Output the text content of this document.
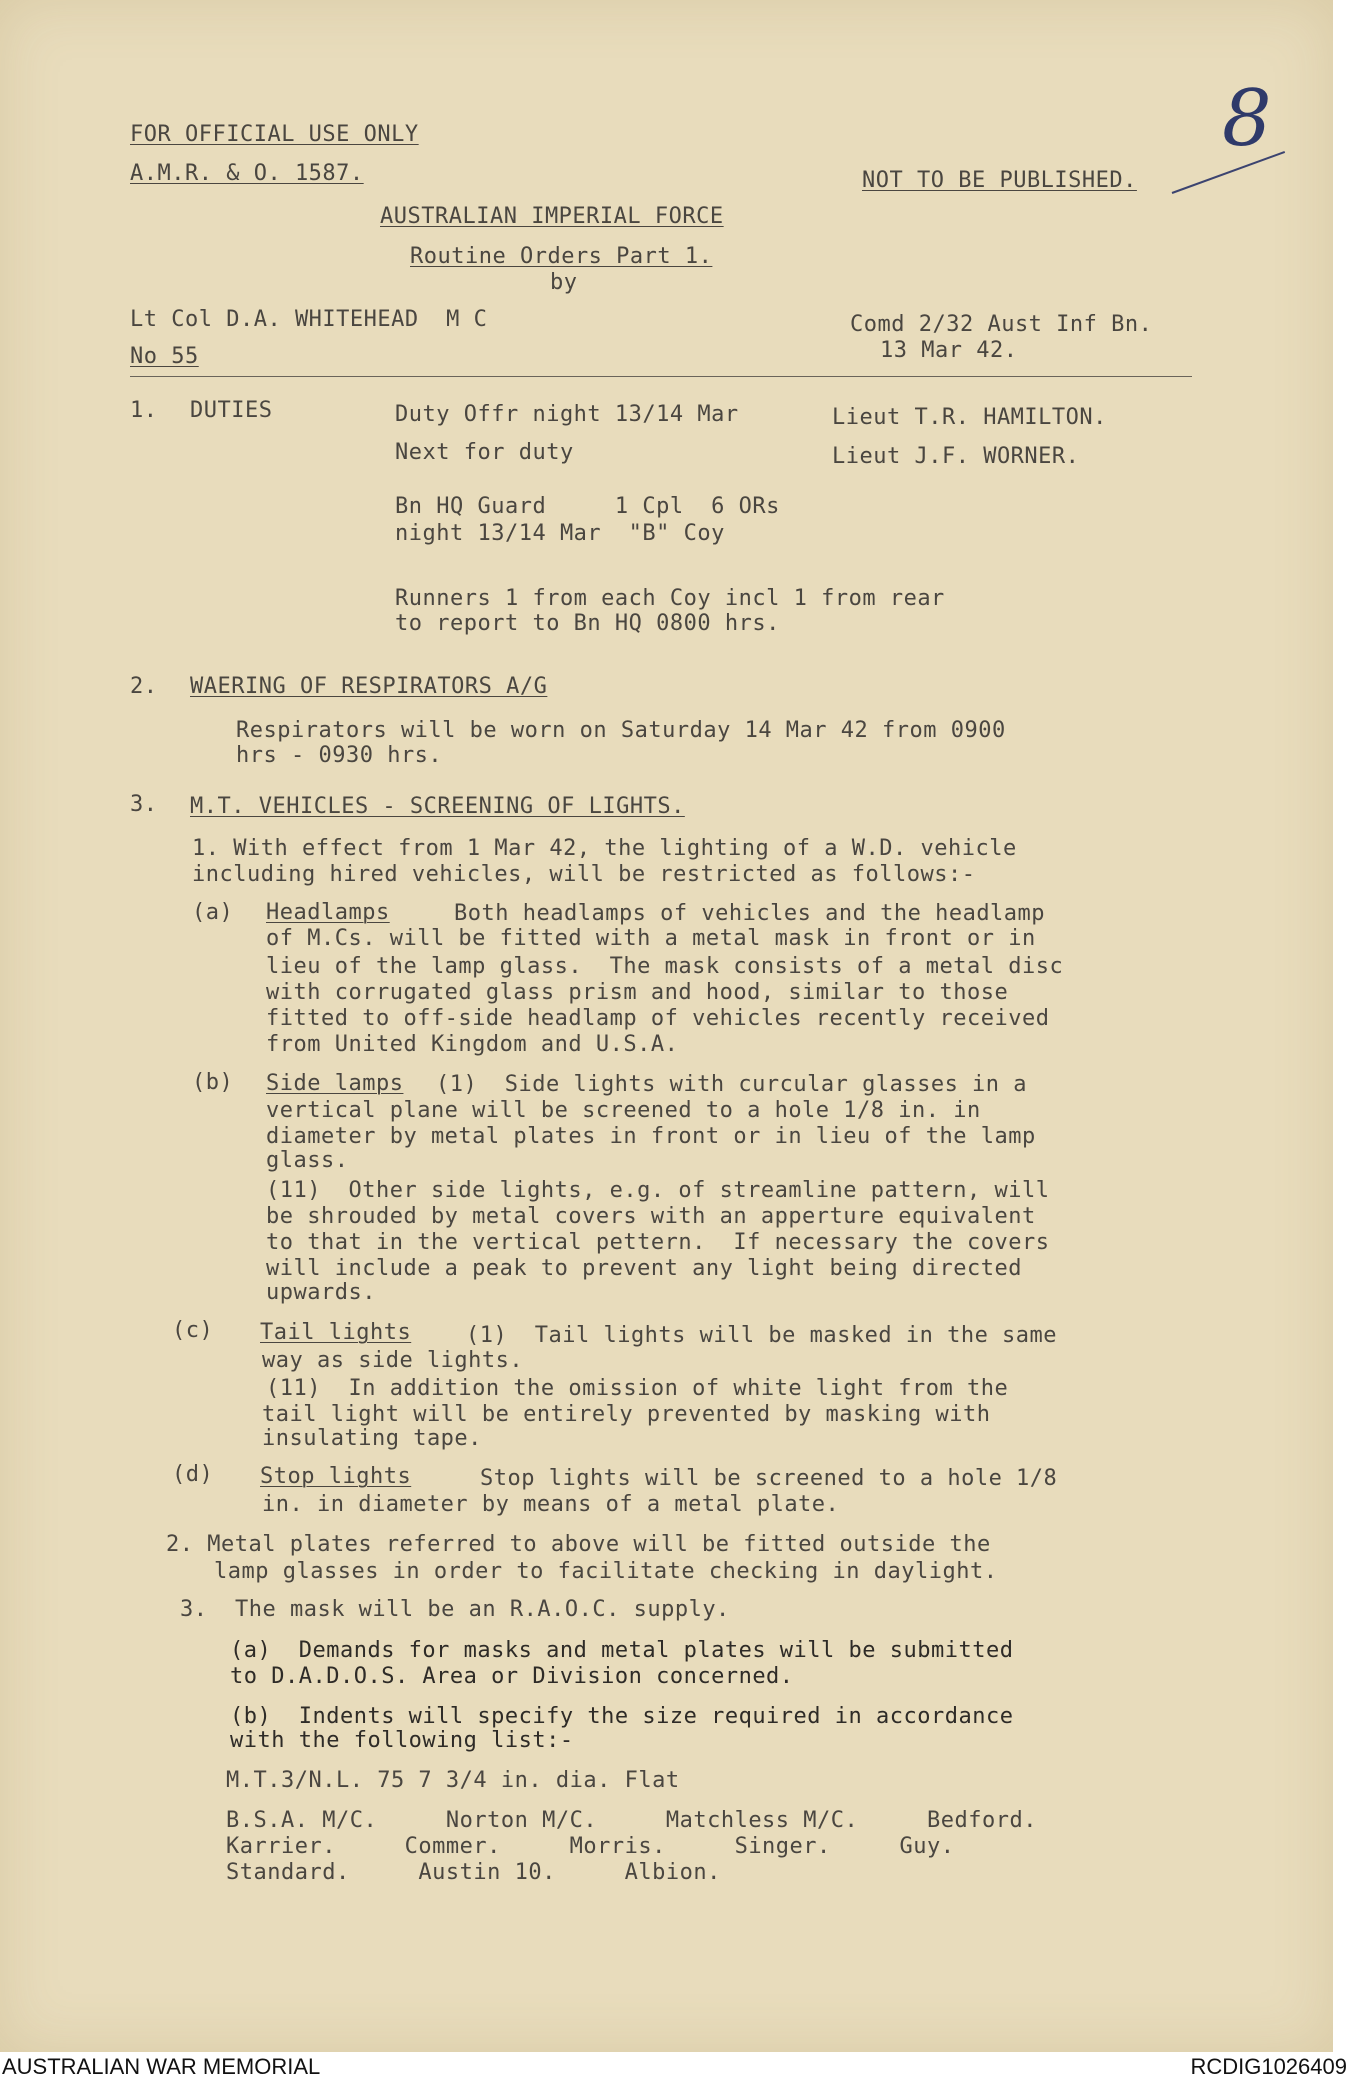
FOR OFFICIAL USE ONLY
A.M.R. & O. 1587.	NOT TO BE PUBLISHED.
8
AUSTRALIAN IMPERIAL FORCE
Routine Orders Part 1.
by
Lt Col D.A. WHITEHEAD  M C	Comd 2/32 Aust Inf Bn.
No 55	13 Mar 42.
1. DUTIES	Duty Offr night 13/14 Mar	Lieut T.R. HAMILTON.
Next for duty	Lieut J.F. WORNER.
Bn HQ Guard     1 Cpl  6 ORs
night 13/14 Mar  "B" Coy
Runners 1 from each Coy incl 1 from rear
to report to Bn HQ 0800 hrs.
2. WAERING OF RESPIRATORS A/G
Respirators will be worn on Saturday 14 Mar 42 from 0900
hrs - 0930 hrs.
3. M.T. VEHICLES - SCREENING OF LIGHTS.
1. With effect from 1 Mar 42, the lighting of a W.D. vehicle
including hired vehicles, will be restricted as follows:-
(a) Headlamps	Both headlamps of vehicles and the headlamp
of M.Cs. will be fitted with a metal mask in front or in
lieu of the lamp glass.  The mask consists of a metal disc
with corrugated glass prism and hood, similar to those
fitted to off-side headlamp of vehicles recently received
from United Kingdom and U.S.A.
(b) Side lamps (1)  Side lights with curcular glasses in a
vertical plane will be screened to a hole 1/8 in. in
diameter by metal plates in front or in lieu of the lamp
glass.
(11)  Other side lights, e.g. of streamline pattern, will
be shrouded by metal covers with an apperture equivalent
to that in the vertical pettern.  If necessary the covers
will include a peak to prevent any light being directed
upwards.
(c) Tail lights (1)  Tail lights will be masked in the same
way as side lights.
(11)  In addition the omission of white light from the
tail light will be entirely prevented by masking with
insulating tape.
(d) Stop lights	Stop lights will be screened to a hole 1/8
in. in diameter by means of a metal plate.
2. Metal plates referred to above will be fitted outside the
lamp glasses in order to facilitate checking in daylight.
3.  The mask will be an R.A.O.C. supply.
(a)  Demands for masks and metal plates will be submitted
to D.A.D.O.S. Area or Division concerned.
(b)  Indents will specify the size required in accordance
with the following list:-
M.T.3/N.L. 75 7 3/4 in. dia. Flat
B.S.A. M/C.     Norton M/C.     Matchless M/C.     Bedford.
Karrier.     Commer.     Morris.     Singer.     Guy.
Standard.     Austin 10.     Albion.
AUSTRALIAN WAR MEMORIAL	RCDIG1026409
